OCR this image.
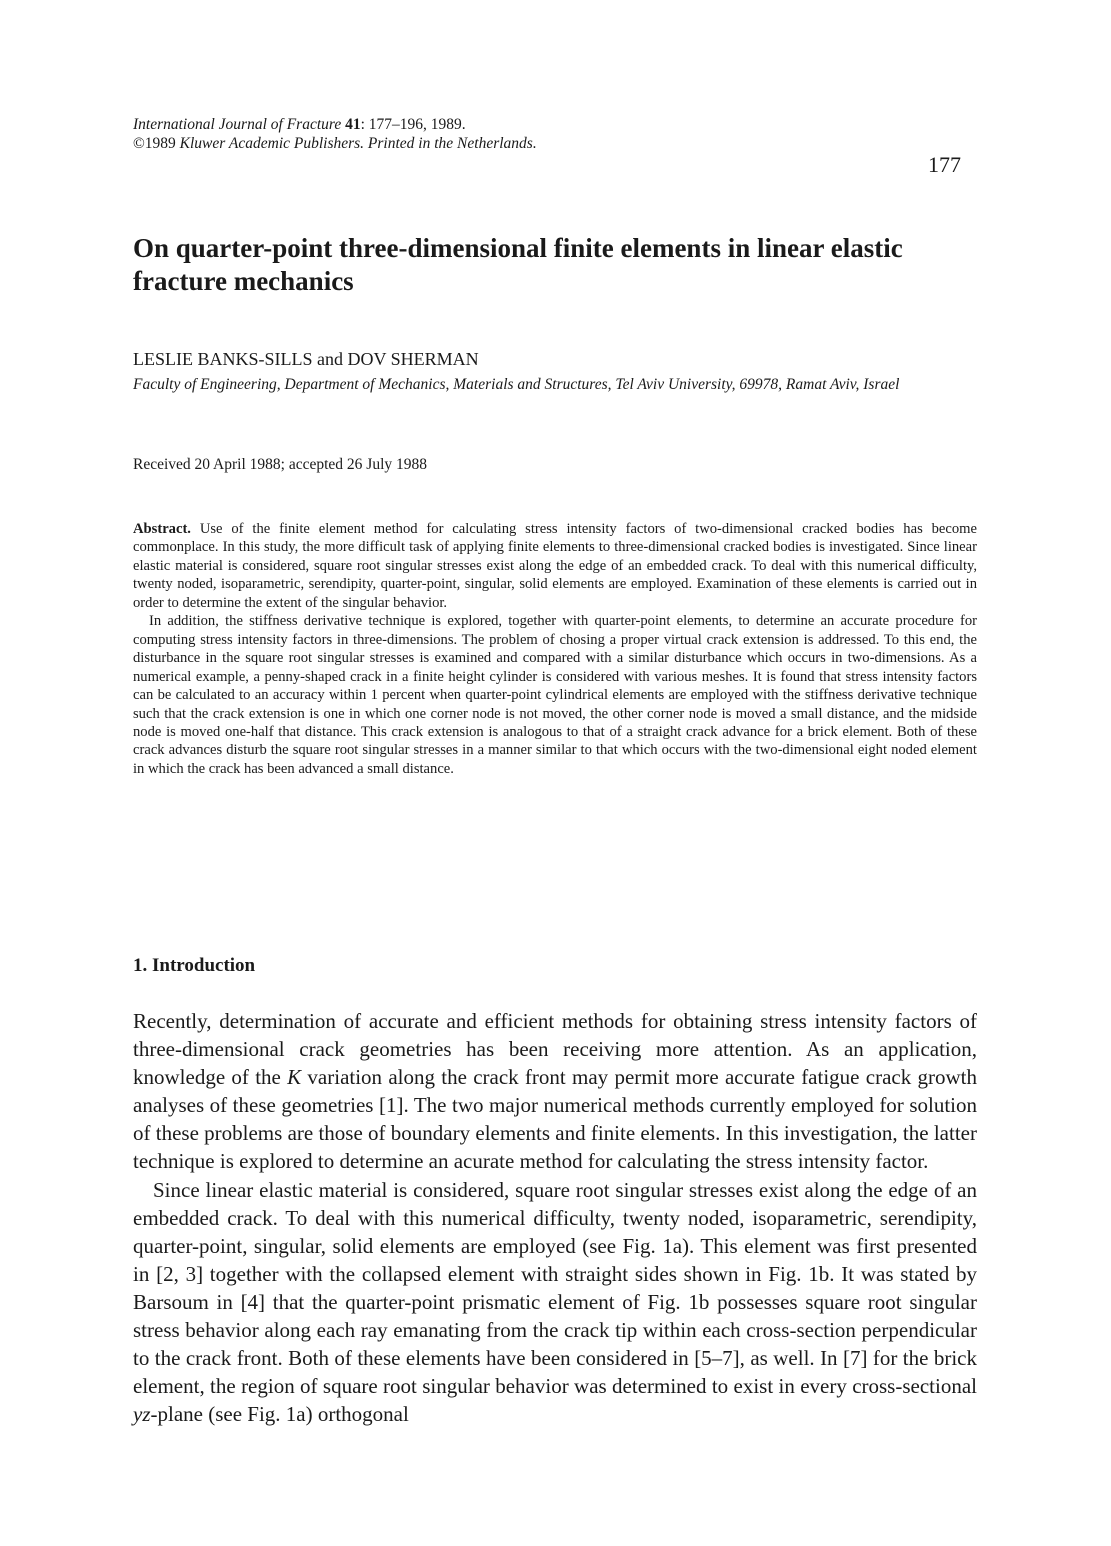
International Journal of Fracture 41: 177–196, 1989.
©1989 Kluwer Academic Publishers. Printed in the Netherlands.
177
On quarter-point three-dimensional finite elements in linear elastic fracture mechanics
LESLIE BANKS-SILLS and DOV SHERMAN
Faculty of Engineering, Department of Mechanics, Materials and Structures, Tel Aviv University, 69978, Ramat Aviv, Israel
Received 20 April 1988; accepted 26 July 1988

Abstract. Use of the finite element method for calculating stress intensity factors of two-dimensional cracked bodies has become commonplace. In this study, the more difficult task of applying finite elements to three-dimensional cracked bodies is investigated. Since linear elastic material is considered, square root singular stresses exist along the edge of an embedded crack. To deal with this numerical difficulty, twenty noded, isoparametric, serendipity, quarter-point, singular, solid elements are employed. Examination of these elements is carried out in order to determine the extent of the singular behavior.

In addition, the stiffness derivative technique is explored, together with quarter-point elements, to determine an accurate procedure for computing stress intensity factors in three-dimensions. The problem of chosing a proper virtual crack extension is addressed. To this end, the disturbance in the square root singular stresses is examined and compared with a similar disturbance which occurs in two-dimensions. As a numerical example, a penny-shaped crack in a finite height cylinder is considered with various meshes. It is found that stress intensity factors can be calculated to an accuracy within 1 percent when quarter-point cylindrical elements are employed with the stiffness derivative technique such that the crack extension is one in which one corner node is not moved, the other corner node is moved a small distance, and the midside node is moved one-half that distance. This crack extension is analogous to that of a straight crack advance for a brick element. Both of these crack advances disturb the square root singular stresses in a manner similar to that which occurs with the two-dimensional eight noded element in which the crack has been advanced a small distance.

1. Introduction

Recently, determination of accurate and efficient methods for obtaining stress intensity factors of three-dimensional crack geometries has been receiving more attention. As an application, knowledge of the K variation along the crack front may permit more accurate fatigue crack growth analyses of these geometries [1]. The two major numerical methods currently employed for solution of these problems are those of boundary elements and finite elements. In this investigation, the latter technique is explored to determine an acurate method for calculating the stress intensity factor.

Since linear elastic material is considered, square root singular stresses exist along the edge of an embedded crack. To deal with this numerical difficulty, twenty noded, isoparametric, serendipity, quarter-point, singular, solid elements are employed (see Fig. 1a). This element was first presented in [2, 3] together with the collapsed element with straight sides shown in Fig. 1b. It was stated by Barsoum in [4] that the quarter-point prismatic element of Fig. 1b possesses square root singular stress behavior along each ray emanating from the crack tip within each cross-section perpendicular to the crack front. Both of these elements have been considered in [5–7], as well. In [7] for the brick element, the region of square root singular behavior was determined to exist in every cross-sectional yz-plane (see Fig. 1a) orthogonal
